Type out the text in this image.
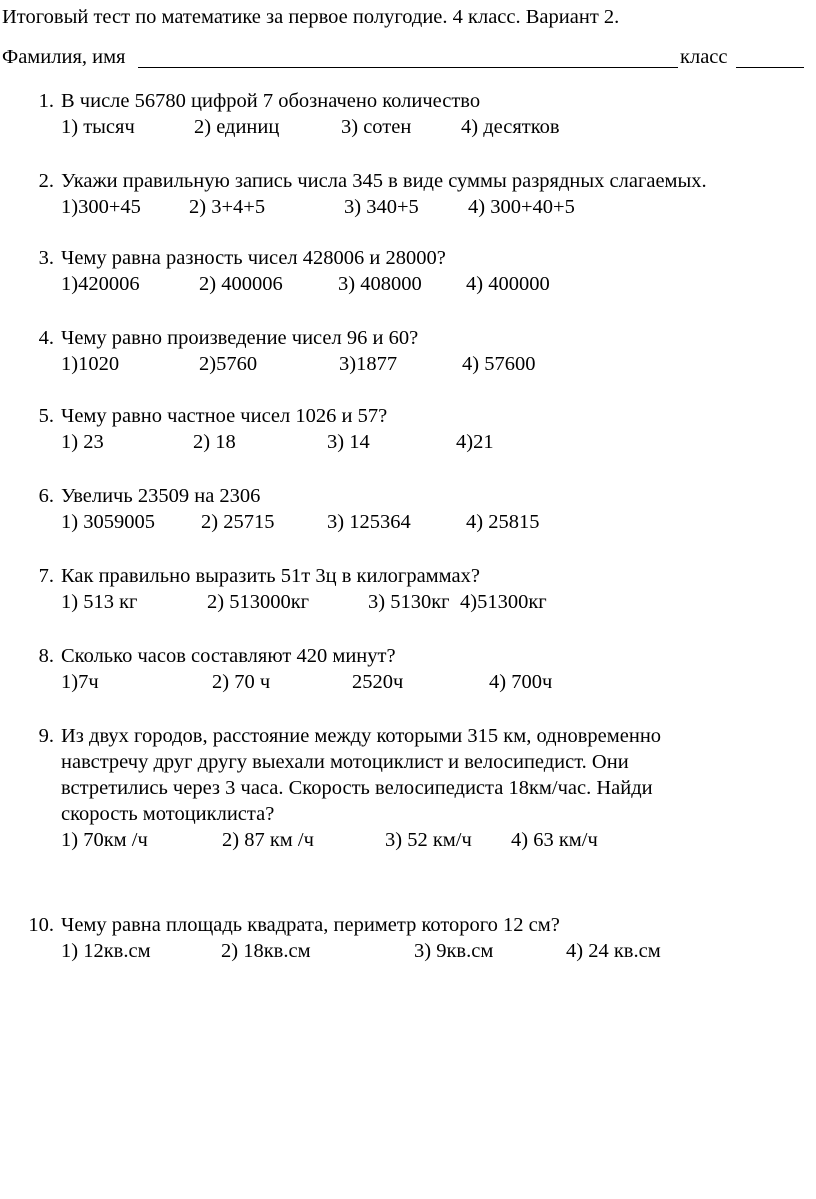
Итоговый тест по математике за первое полугодие. 4 класс. Вариант 2.
Фамилия, имя	класс
1. В числе 56780 цифрой 7 обозначено количество
1) тысяч	2) единиц	3) сотен 4) десятков
2. Укажи правильную запись числа 345 в виде суммы разрядных слагаемых.
1)300+45 2) 3+4+5	3) 340+5 4) 300+40+5
3. Чему равна разность чисел 428006 и 28000?
1)420006	2) 400006	3) 408000 4) 400000
4. Чему равно произведение чисел 96 и 60?
1)1020	2)5760	3)1877	4) 57600
5. Чему равно частное чисел 1026 и 57?
1) 23	2) 18	3) 14	4)21
6. Увеличь 23509 на 2306
1) 3059005 2) 25715	3) 125364	4) 25815
7. Как правильно выразить 51т 3ц в килограммах?
1) 513 кг	2) 513000кг	3) 5130кг 4)51300кг
8. Сколько часов составляют 420 минут?
1)7ч	2) 70 ч	2520ч	4) 700ч
9. Из двух городов, расстояние между которыми 315 км, одновременно
навстречу друг другу выехали мотоциклист и велосипедист. Они
встретились через 3 часа. Скорость велосипедиста 18км/час. Найди
скорость мотоциклиста?
1) 70км /ч	2) 87 км /ч	3) 52 км/ч 4) 63 км/ч
10. Чему равна площадь квадрата, периметр которого 12 см?
1) 12кв.см	2) 18кв.см	3) 9кв.см	4) 24 кв.см
